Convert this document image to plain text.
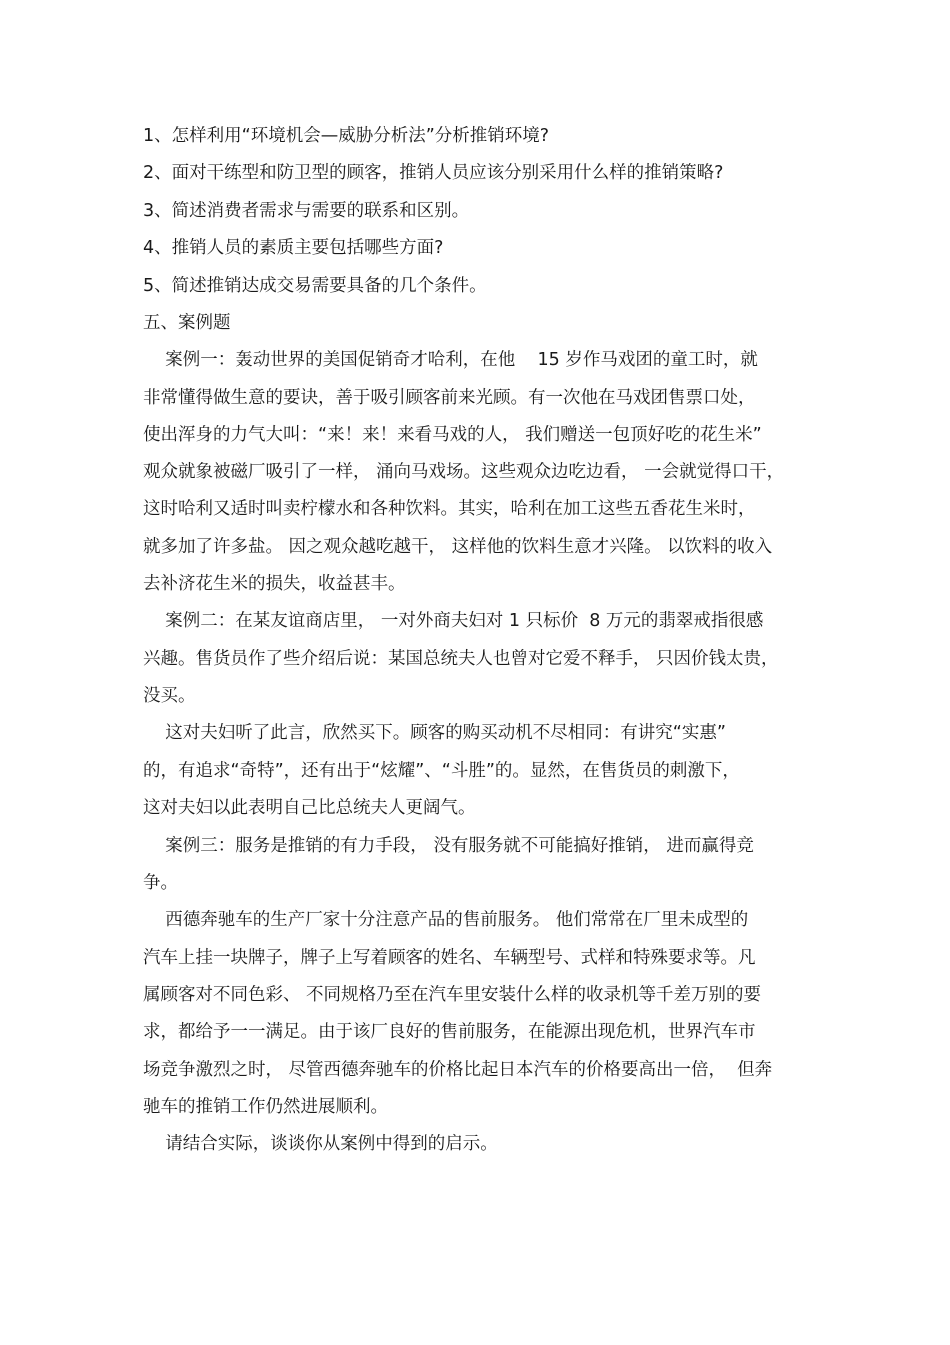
1、怎样利用“环境机会—威胁分析法”分析推销环境?
2、面对干练型和防卫型的顾客，推销人员应该分别采用什么样的推销策略?
3、简述消费者需求与需要的联系和区别。
4、推销人员的素质主要包括哪些方面?
5、简述推销达成交易需要具备的几个条件。
五、案例题
案例一：轰动世界的美国促销奇才哈利，在他    15 岁作马戏团的童工时，就
非常懂得做生意的要诀，善于吸引顾客前来光顾。有一次他在马戏团售票口处，
使出浑身的力气大叫：“来！来！来看马戏的人， 我们赠送一包顶好吃的花生米”
观众就象被磁厂吸引了一样， 涌向马戏场。这些观众边吃边看， 一会就觉得口干，
这时哈利又适时叫卖柠檬水和各种饮料。其实，哈利在加工这些五香花生米时，
就多加了许多盐。 因之观众越吃越干， 这样他的饮料生意才兴隆。 以饮料的收入
去补济花生米的损失，收益甚丰。
案例二：在某友谊商店里， 一对外商夫妇对 1 只标价  8 万元的翡翠戒指很感
兴趣。售货员作了些介绍后说：某国总统夫人也曾对它爱不释手， 只因价钱太贵，
没买。
这对夫妇听了此言，欣然买下。顾客的购买动机不尽相同：有讲究“实惠”
的，有追求“奇特”，还有出于“炫耀”、“斗胜”的。显然，在售货员的刺激下，
这对夫妇以此表明自己比总统夫人更阔气。
案例三：服务是推销的有力手段， 没有服务就不可能搞好推销， 进而赢得竞
争。
西德奔驰车的生产厂家十分注意产品的售前服务。 他们常常在厂里未成型的
汽车上挂一块牌子，牌子上写着顾客的姓名、车辆型号、式样和特殊要求等。凡
属顾客对不同色彩、 不同规格乃至在汽车里安装什么样的收录机等千差万别的要
求，都给予一一满足。由于该厂良好的售前服务，在能源出现危机，世界汽车市
场竞争激烈之时， 尽管西德奔驰车的价格比起日本汽车的价格要高出一倍，  但奔
驰车的推销工作仍然进展顺利。
请结合实际，谈谈你从案例中得到的启示。
